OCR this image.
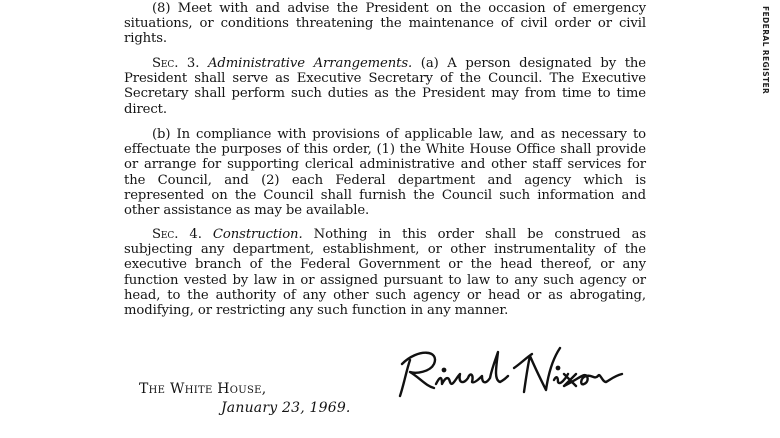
(8) Meet with and advise the President on the occasion of emergency situations, or conditions threatening the maintenance of civil order or civil rights.

Sec. 3. Administrative Arrangements. (a) A person designated by the President shall serve as Executive Secretary of the Council. The Executive Secretary shall perform such duties as the President may from time to time direct.

(b) In compliance with provisions of applicable law, and as necessary to effectuate the purposes of this order, (1) the White House Office shall provide or arrange for supporting clerical administrative and other staff services for the Council, and (2) each Federal department and agency which is represented on the Council shall furnish the Council such information and other assistance as may be available.

Sec. 4. Construction. Nothing in this order shall be construed as subjecting any department, establishment, or other instrumentality of the executive branch of the Federal Government or the head thereof, or any function vested by law in or assigned pursuant to law to any such agency or head, to the authority of any other such agency or head or as abrogating, modifying, or restricting any such function in any manner.

The White House,
January 23, 1969.
FEDERAL REGISTER
